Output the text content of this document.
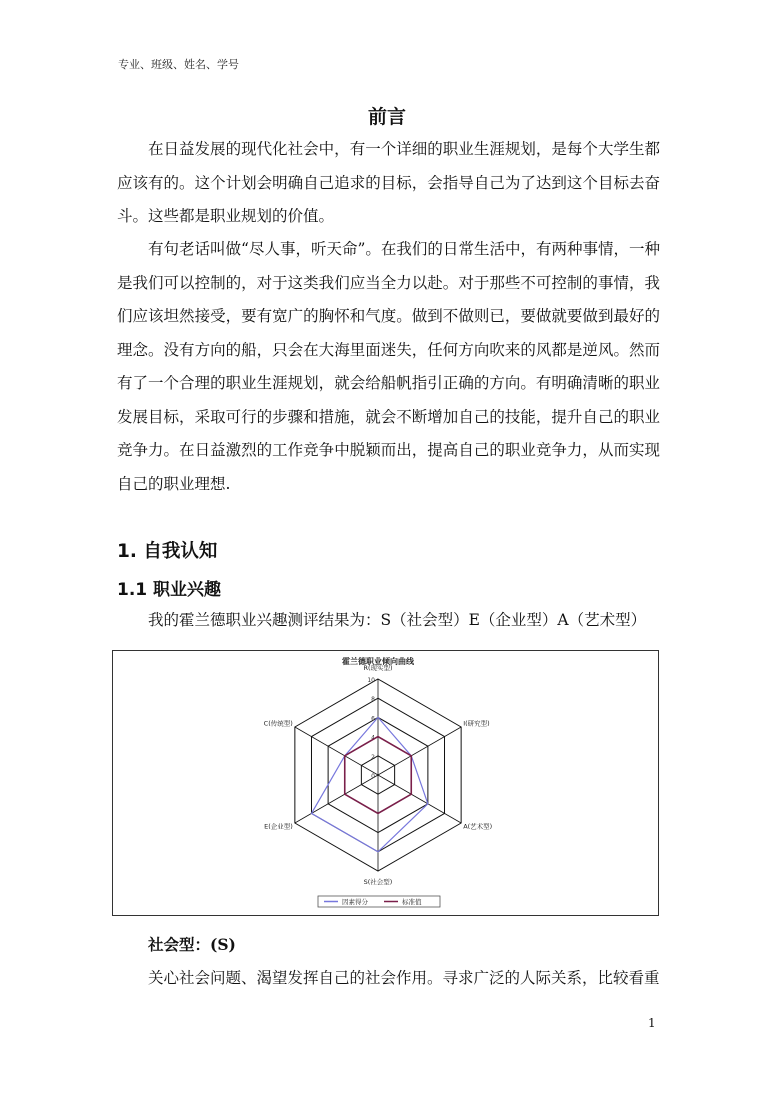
专业、班级、姓名、学号
前言

在日益发展的现代化社会中，有一个详细的职业生涯规划，是每个大学生都应该有的。这个计划会明确自己追求的目标，会指导自己为了达到这个目标去奋斗。这些都是职业规划的价值。

有句老话叫做“尽人事，听天命”。在我们的日常生活中，有两种事情，一种是我们可以控制的，对于这类我们应当全力以赴。对于那些不可控制的事情，我们应该坦然接受，要有宽广的胸怀和气度。做到不做则已，要做就要做到最好的理念。没有方向的船，只会在大海里面迷失，任何方向吹来的风都是逆风。然而有了一个合理的职业生涯规划，就会给船帆指引正确的方向。有明确清晰的职业发展目标，采取可行的步骤和措施，就会不断增加自己的技能，提升自己的职业竞争力。在日益激烈的工作竞争中脱颖而出，提高自己的职业竞争力，从而实现自己的职业理想.

1. 自我认知
1.1 职业兴趣
我的霍兰德职业兴趣测评结果为：S（社会型）E（企业型）A（艺术型）
霍兰德职业倾向曲线
0
2
4
6
8
10
R(现实型)
I(研究型)
A(艺术型)
S(社会型)
E(企业型)
C(传统型)
因素得分	标准值
社会型：(S)
关心社会问题、渴望发挥自己的社会作用。寻求广泛的人际关系，比较看重
1
